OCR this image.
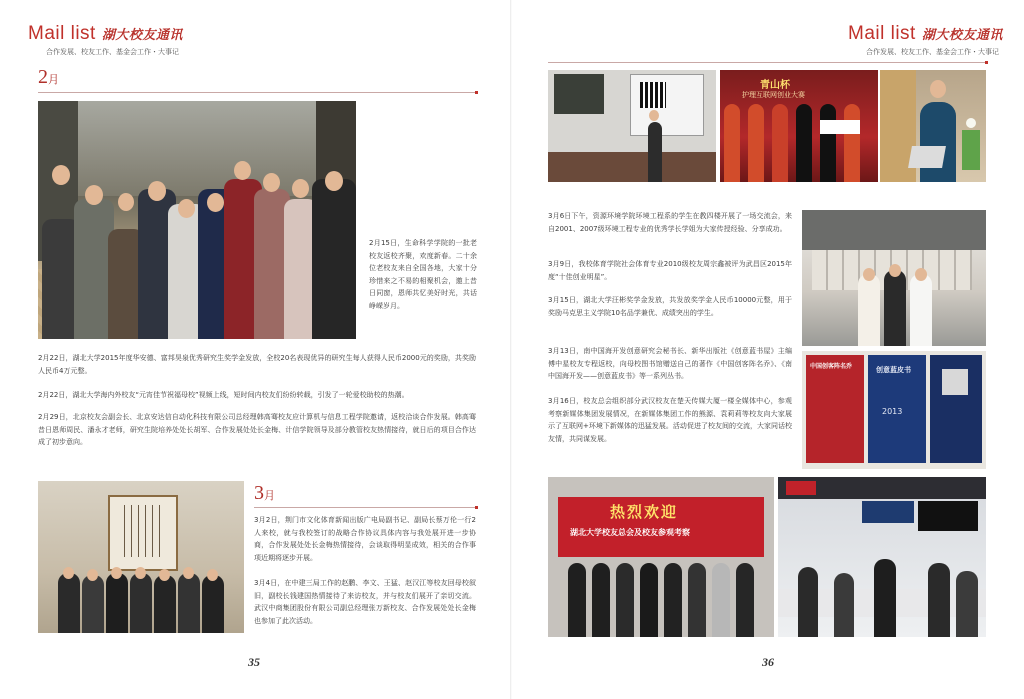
Mail list 湖大校友通讯
合作发展、校友工作、基金会工作・大事记
2月
2月15日，生命科学学院的一批老校友返校齐聚，欢度新春。二十余位老校友来自全国各地，大家十分珍惜来之不易的相聚机会，邀上昔日同窗，恩师共忆美好时光，共话峥嵘岁月。
2月22日，湖北大学2015年度华安德、富邦昊泉优秀研究生奖学金发放，全校20名表现优异的研究生每人获得人民币2000元的奖励，共奖励人民币4万元整。
2月22日，湖北大学海内外校友“元宵佳节祝福母校”视频上线，短时间内校友们纷纷转载，引发了一轮爱校助校的热潮。
2月29日，北京校友会副会长、北京安达信自动化科技有限公司总经理韩高骞校友应计算机与信息工程学院邀请，返校洽谈合作发展。韩高骞昔日恩师周民、潘永才老师，研究生院培养处处长胡军、合作发展处处长金梅、计信学院领导及部分教管校友热情接待，就日后的项目合作达成了初步意向。
3月
3月2日，荆门市文化体育新闻出版广电局副书记、副局长蔡万伦一行2人来校，就与我校签订的战略合作协议具体内容与我处展开进一步协商，合作发展处处长金梅热情接待，会谈取得明显成效，相关的合作事项近期将逐步开展。
3月4日，在中建三局工作的赵鹏、李文、王猛、赵汉江等校友回母校叙旧，副校长钱建国热情接待了来访校友，并与校友们展开了亲切交流。武汉中商集团股份有限公司副总经理张万新校友、合作发展处处长金梅也参加了此次活动。
35
Mail list 湖大校友通讯
合作发展、校友工作、基金会工作・大事记
青山杯
护理互联网创业大赛
3月6日下午，资源环境学院环境工程系的学生在教四楼开展了一场交流会，来自2001、2007级环境工程专业的优秀学长学姐为大家传授经验、分享成功。
3月9日，我校体育学院社会体育专业2010级校友周宗鑫被评为武昌区2015年度“十佳创业明星”。
3月15日，湖北大学汪彬奖学金发放，共发放奖学金人民币10000元整，用于奖励马克思主义学院10名品学兼优、成绩突出的学生。
3月13日，南中国海开发创意研究会秘书长、新华出版社《创意蓝书屋》主编傅中星校友专程返校，向母校图书馆赠送自己的著作《中国创客阵名乔》、《南中国海开发——创意蓝皮书》等一系列丛书。
3月16日，校友总会组织部分武汉校友在楚天传媒大厦一楼全媒体中心，参观考察新媒体集团发展情况，在新媒体集团工作的熊源、袁莉莉等校友向大家展示了互联网+环境下新媒体的迅猛发展。活动促进了校友间的交流，大家同话校友情，共同谋发展。
中国创客阵名乔	创意蓝皮书
2013
热烈欢迎
湖北大学校友总会及校友参观考察
36
